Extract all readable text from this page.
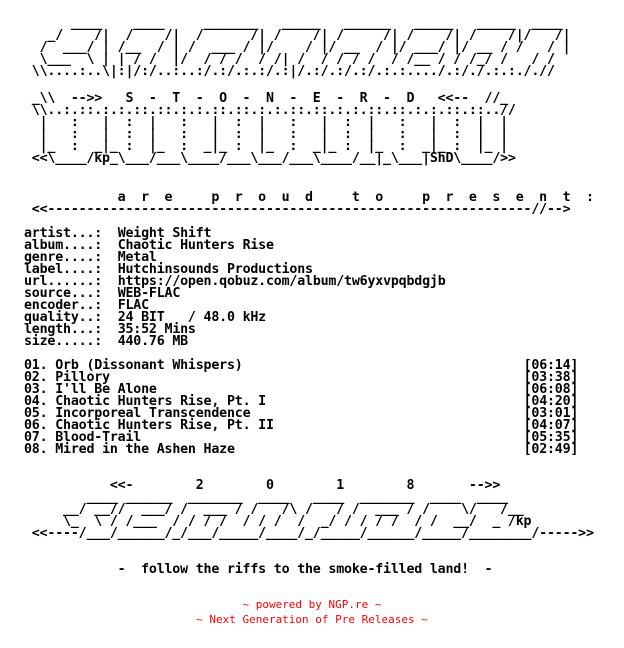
____    ____     _______   _____   ______   _____   _____  ____
_/    /|  /    /|  /      /| /    /| /     /| /    /| /    /|/   /|
/  ___/ | /__  / | /  ___ / |/    / |/ __  / |/ ___/ |/ __ / /   / |
\___  \ | | / /  |/  / / /  / /| /  / / / /  / /__ / / /_/ /   / /
\\....:..\|:|/:/..:..:/.:/.:.:/.:|/.:/.:/.:/.:.:..../.:/./.:.:././/
_\\  -->>   S  -  T  -  O  -  N  -  E  -  R  -  D   <<--  //_
\\..:.::.:.:.::.::.:.:.::.::.:.:.::.::.:.:.::.::.:.:.::.::..//
|   :   |  :  |   :   |  :  |   :   |  :  |   :   |  :  |  |
|   :   |  :  |   :   |  :  |   :   |  :  |   :   |  :  |  |
|_  :  _|_ :  |_  :  _|_ :  |_  :  _|_ :  |_  :  _|_ :  |_ |
<<\____/kp_\___/___\____/___\___/___\____/__|_\___|ShD\____/>>
a  r  e     p  r  o  u  d     t  o     p  r  e  s  e  n  t  :
<<--------------------------------------------------------------//-->
artist...: Weight Shift
album....: Chaotic Hunters Rise
genre....: Metal
label....: Hutchinsounds Productions
url......: https://open.qobuz.com/album/tw6yxvpqbdgjb
source...: WEB-FLAC
encoder..: FLAC
quality..: 24 BIT   / 48.0 kHz
length...: 35:52 Mins
size.....: 440.76 MB
01. Orb (Dissonant Whispers)	[06:14]
02. Pillory	[03:38]
03. I'll Be Alone	[06:08]
04. Chaotic Hunters Rise, Pt. I	[04:20]
05. Incorporeal Transcendence	[03:01]
06. Chaotic Hunters Rise, Pt. II	[04:07]
07. Blood-Trail	[05:35]
08. Mired in the Ashen Haze	[02:49]
<<-        2        0        1        8       -->>
____ ______  _______  ____   ____  _______  ____  ____
__/ __//  ___/ /  ___ / /   /\ /   / /  ___ / /    \/   /__
\_  \ / /___  / / / /  / / /  /  _/ / / / /  / /  __/  _ /kp
<<----/___/______/_/___/_____/____/_/_____/______/_____/________/----->>
-  follow the riffs to the smoke-filled land!  -
~ powered by NGP.re ~
~ Next Generation of Pre Releases ~
